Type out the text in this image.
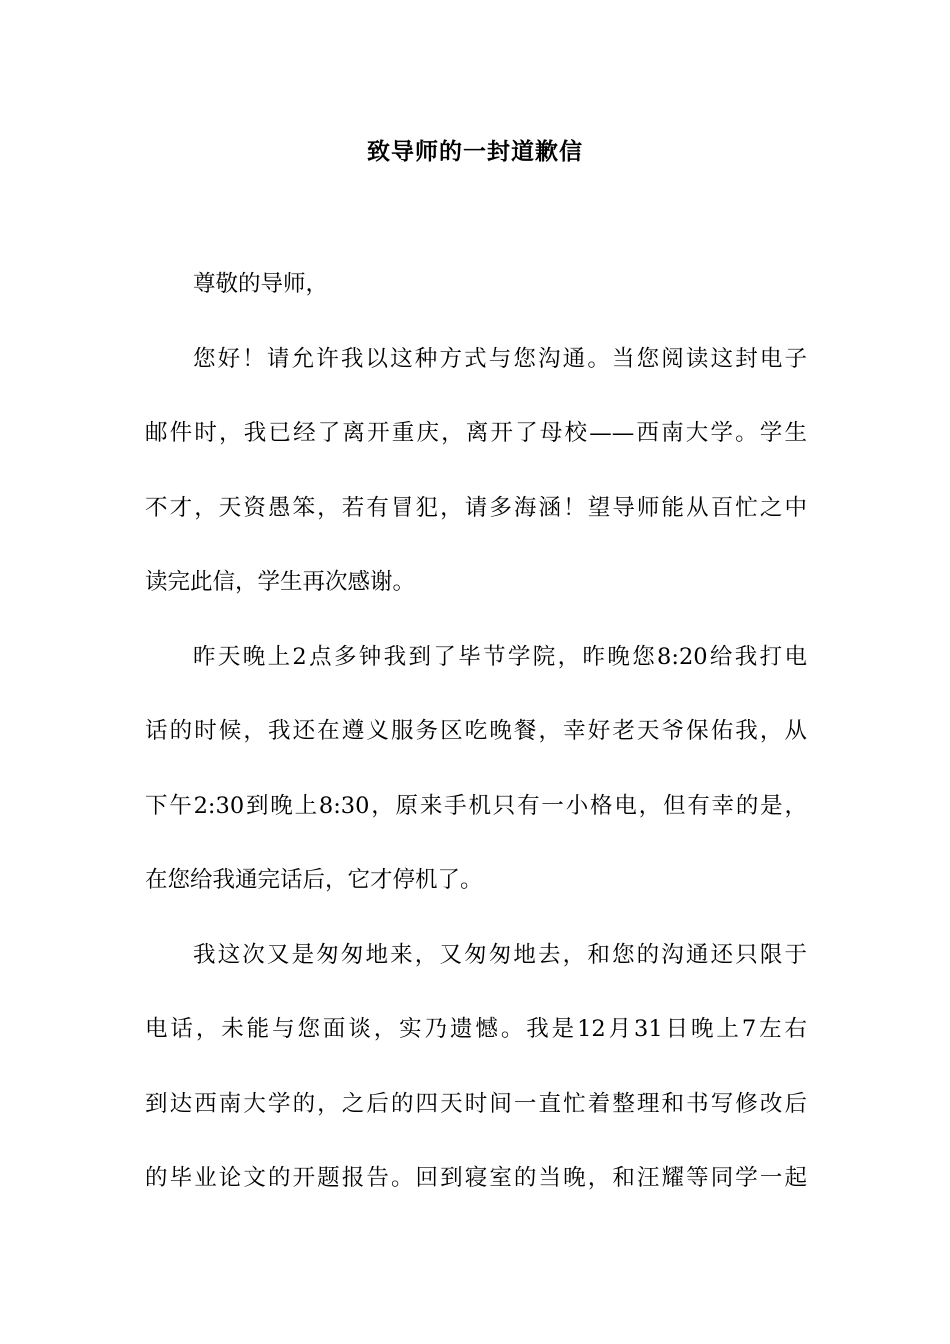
致导师的一封道歉信
尊敬的导师，
您好！请允许我以这种方式与您沟通。当您阅读这封电子
邮件时，我已经了离开重庆，离开了母校——西南大学。学生
不才，天资愚笨，若有冒犯，请多海涵！望导师能从百忙之中
读完此信，学生再次感谢。
昨天晚上2点多钟我到了毕节学院，昨晚您8:20给我打电
话的时候，我还在遵义服务区吃晚餐，幸好老天爷保佑我，从
下午2:30到晚上8:30，原来手机只有一小格电，但有幸的是，
在您给我通完话后，它才停机了。
我这次又是匆匆地来，又匆匆地去，和您的沟通还只限于
电话，未能与您面谈，实乃遗憾。我是12月31日晚上7左右
到达西南大学的，之后的四天时间一直忙着整理和书写修改后
的毕业论文的开题报告。回到寝室的当晚，和汪耀等同学一起
